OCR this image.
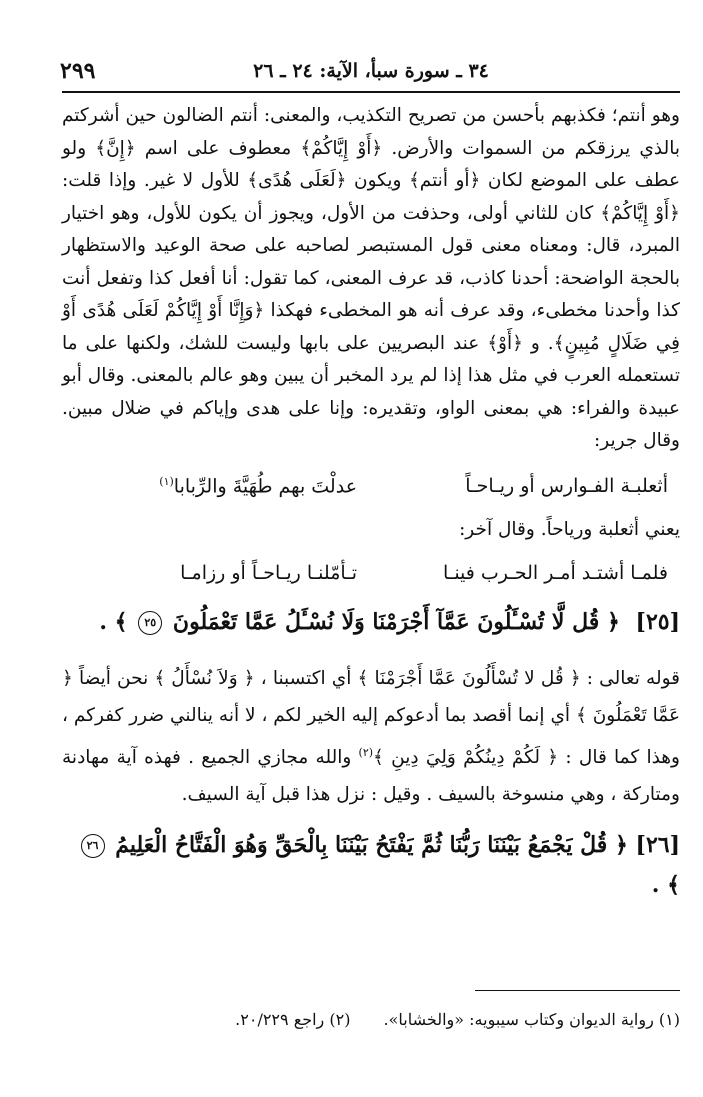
٣٤ ـ سورة سبأ، الآية: ٢٤ ـ ٢٦
٢٩٩

وهو أنتم؛ فكذبهم بأحسن من تصريح التكذيب، والمعنى: أنتم الضالون حين أشركتم بالذي يرزقكم من السموات والأرض. ﴿أَوْ إِيَّاكُمْ﴾ معطوف على اسم ﴿إِنَّ﴾ ولو عطف على الموضع لكان ﴿أو أنتم﴾ ويكون ﴿لَعَلَى هُدًى﴾ للأول لا غير. وإذا قلت: ﴿أَوْ إِيَّاكُمْ﴾ كان للثاني أولى، وحذفت من الأول، ويجوز أن يكون للأول، وهو اختيار المبرد، قال: ومعناه معنى قول المستبصر لصاحبه على صحة الوعيد والاستظهار بالحجة الواضحة: أحدنا كاذب، قد عرف المعنى، كما تقول: أنا أفعل كذا وتفعل أنت كذا وأحدنا مخطىء، وقد عرف أنه هو المخطىء فهكذا ﴿وَإِنَّا أَوْ إِيَّاكُمْ لَعَلَى هُدًى أَوْ فِي ضَلَالٍ مُبِينٍ﴾. و ﴿أَوْ﴾ عند البصريين على بابها وليست للشك، ولكنها على ما تستعمله العرب في مثل هذا إذا لم يرد المخبر أن يبين وهو عالم بالمعنى. وقال أبو عبيدة والفراء: هي بمعنى الواو، وتقديره: وإنا على هدى وإياكم في ضلال مبين. وقال جرير:

أثعلبـة الفـوارس أو ريـاحـاً
عدلْتَ بهم طُهَيَّةَ والرِّبابا$^{(١)}$
يعني أثعلبة ورياحاً. وقال آخر:
فلمـا أشتـد أمـر الحـرب فينـا
تـأمّلنـا ريـاحـاً أو رزامـا
[٢٥] ﴿ قُل لَّا تُسْـَٔلُونَ عَمَّآ أَجْرَمْنَا وَلَا نُسْـَٔلُ عَمَّا تَعْمَلُونَ ٢٥ ﴾ .

قوله تعالى : ﴿ قُل لا تُسْأَلُونَ عَمَّا أَجْرَمْنَا ﴾ أي اكتسبنا ، ﴿ وَلاَ نُسْأَلُ ﴾ نحن أيضاً ﴿ عَمَّا تَعْمَلُونَ ﴾ أي إنما أقصد بما أدعوكم إليه الخير لكم ، لا أنه ينالني ضرر كفركم ، وهذا كما قال : ﴿ لَكُمْ دِينُكُمْ وَلِيَ دِينِ ﴾$^{(٢)}$ والله مجازي الجميع . فهذه آية مهادنة ومتاركة ، وهي منسوخة بالسيف . وقيل : نزل هذا قبل آية السيف.

[٢٦] ﴿ قُلْ يَجْمَعُ بَيْنَنَا رَبُّنَا ثُمَّ يَفْتَحُ بَيْنَنَا بِالْحَقِّ وَهُوَ الْفَتَّاحُ الْعَلِيمُ ٢٦ ﴾ .
(١) رواية الديوان وكتاب سيبويه: «والخشابا». (٢) راجع ٢٠/٢٢٩.
